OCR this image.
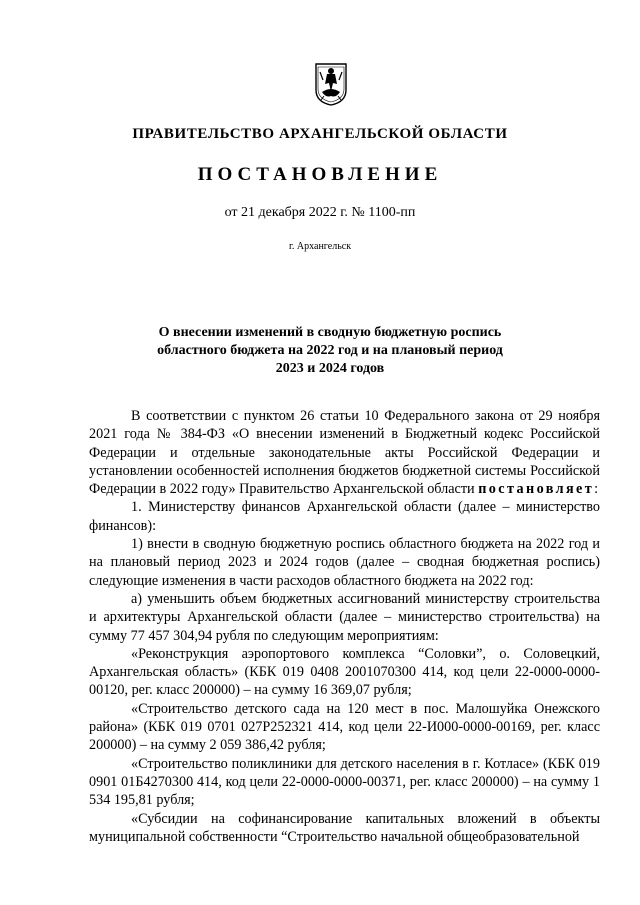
ПРАВИТЕЛЬСТВО АРХАНГЕЛЬСКОЙ ОБЛАСТИ
ПОСТАНОВЛЕНИЕ
от 21 декабря 2022 г. № 1100-пп
г. Архангельск
О внесении изменений в сводную бюджетную роспись
областного бюджета на 2022 год и на плановый период
2023 и 2024 годов

В соответствии с пунктом 26 статьи 10 Федерального закона от 29 ноября 2021 года № 384-ФЗ «О внесении изменений в Бюджетный кодекс Российской Федерации и отдельные законодательные акты Российской Федерации и установлении особенностей исполнения бюджетов бюджетной системы Российской Федерации в 2022 году» Правительство Архангельской области постановляет:

1. Министерству финансов Архангельской области (далее – министерство финансов):

1) внести в сводную бюджетную роспись областного бюджета на 2022 год и на плановый период 2023 и 2024 годов (далее – сводная бюджетная роспись) следующие изменения в части расходов областного бюджета на 2022 год:

а) уменьшить объем бюджетных ассигнований министерству строительства и архитектуры Архангельской области (далее – министерство строительства) на сумму 77 457 304,94 рубля по следующим мероприятиям:

«Реконструкция аэропортового комплекса “Соловки”, о. Соловецкий, Архангельская область» (КБК 019 0408 2001070300 414, код цели 22-0000-0000-00120, рег. класс 200000) – на сумму 16 369,07 рубля;

«Строительство детского сада на 120 мест в пос. Малошуйка Онежского района» (КБК 019 0701 027P252321 414, код цели 22-И000-0000-00169, рег. класс 200000) – на сумму 2 059 386,42 рубля;

«Строительство поликлиники для детского населения в г. Котласе» (КБК 019 0901 01Б4270300 414, код цели 22-0000-0000-00371, рег. класс 200000) – на сумму 1 534 195,81 рубля;

«Субсидии на софинансирование капитальных вложений в объекты муниципальной собственности “Строительство начальной общеобразовательной
